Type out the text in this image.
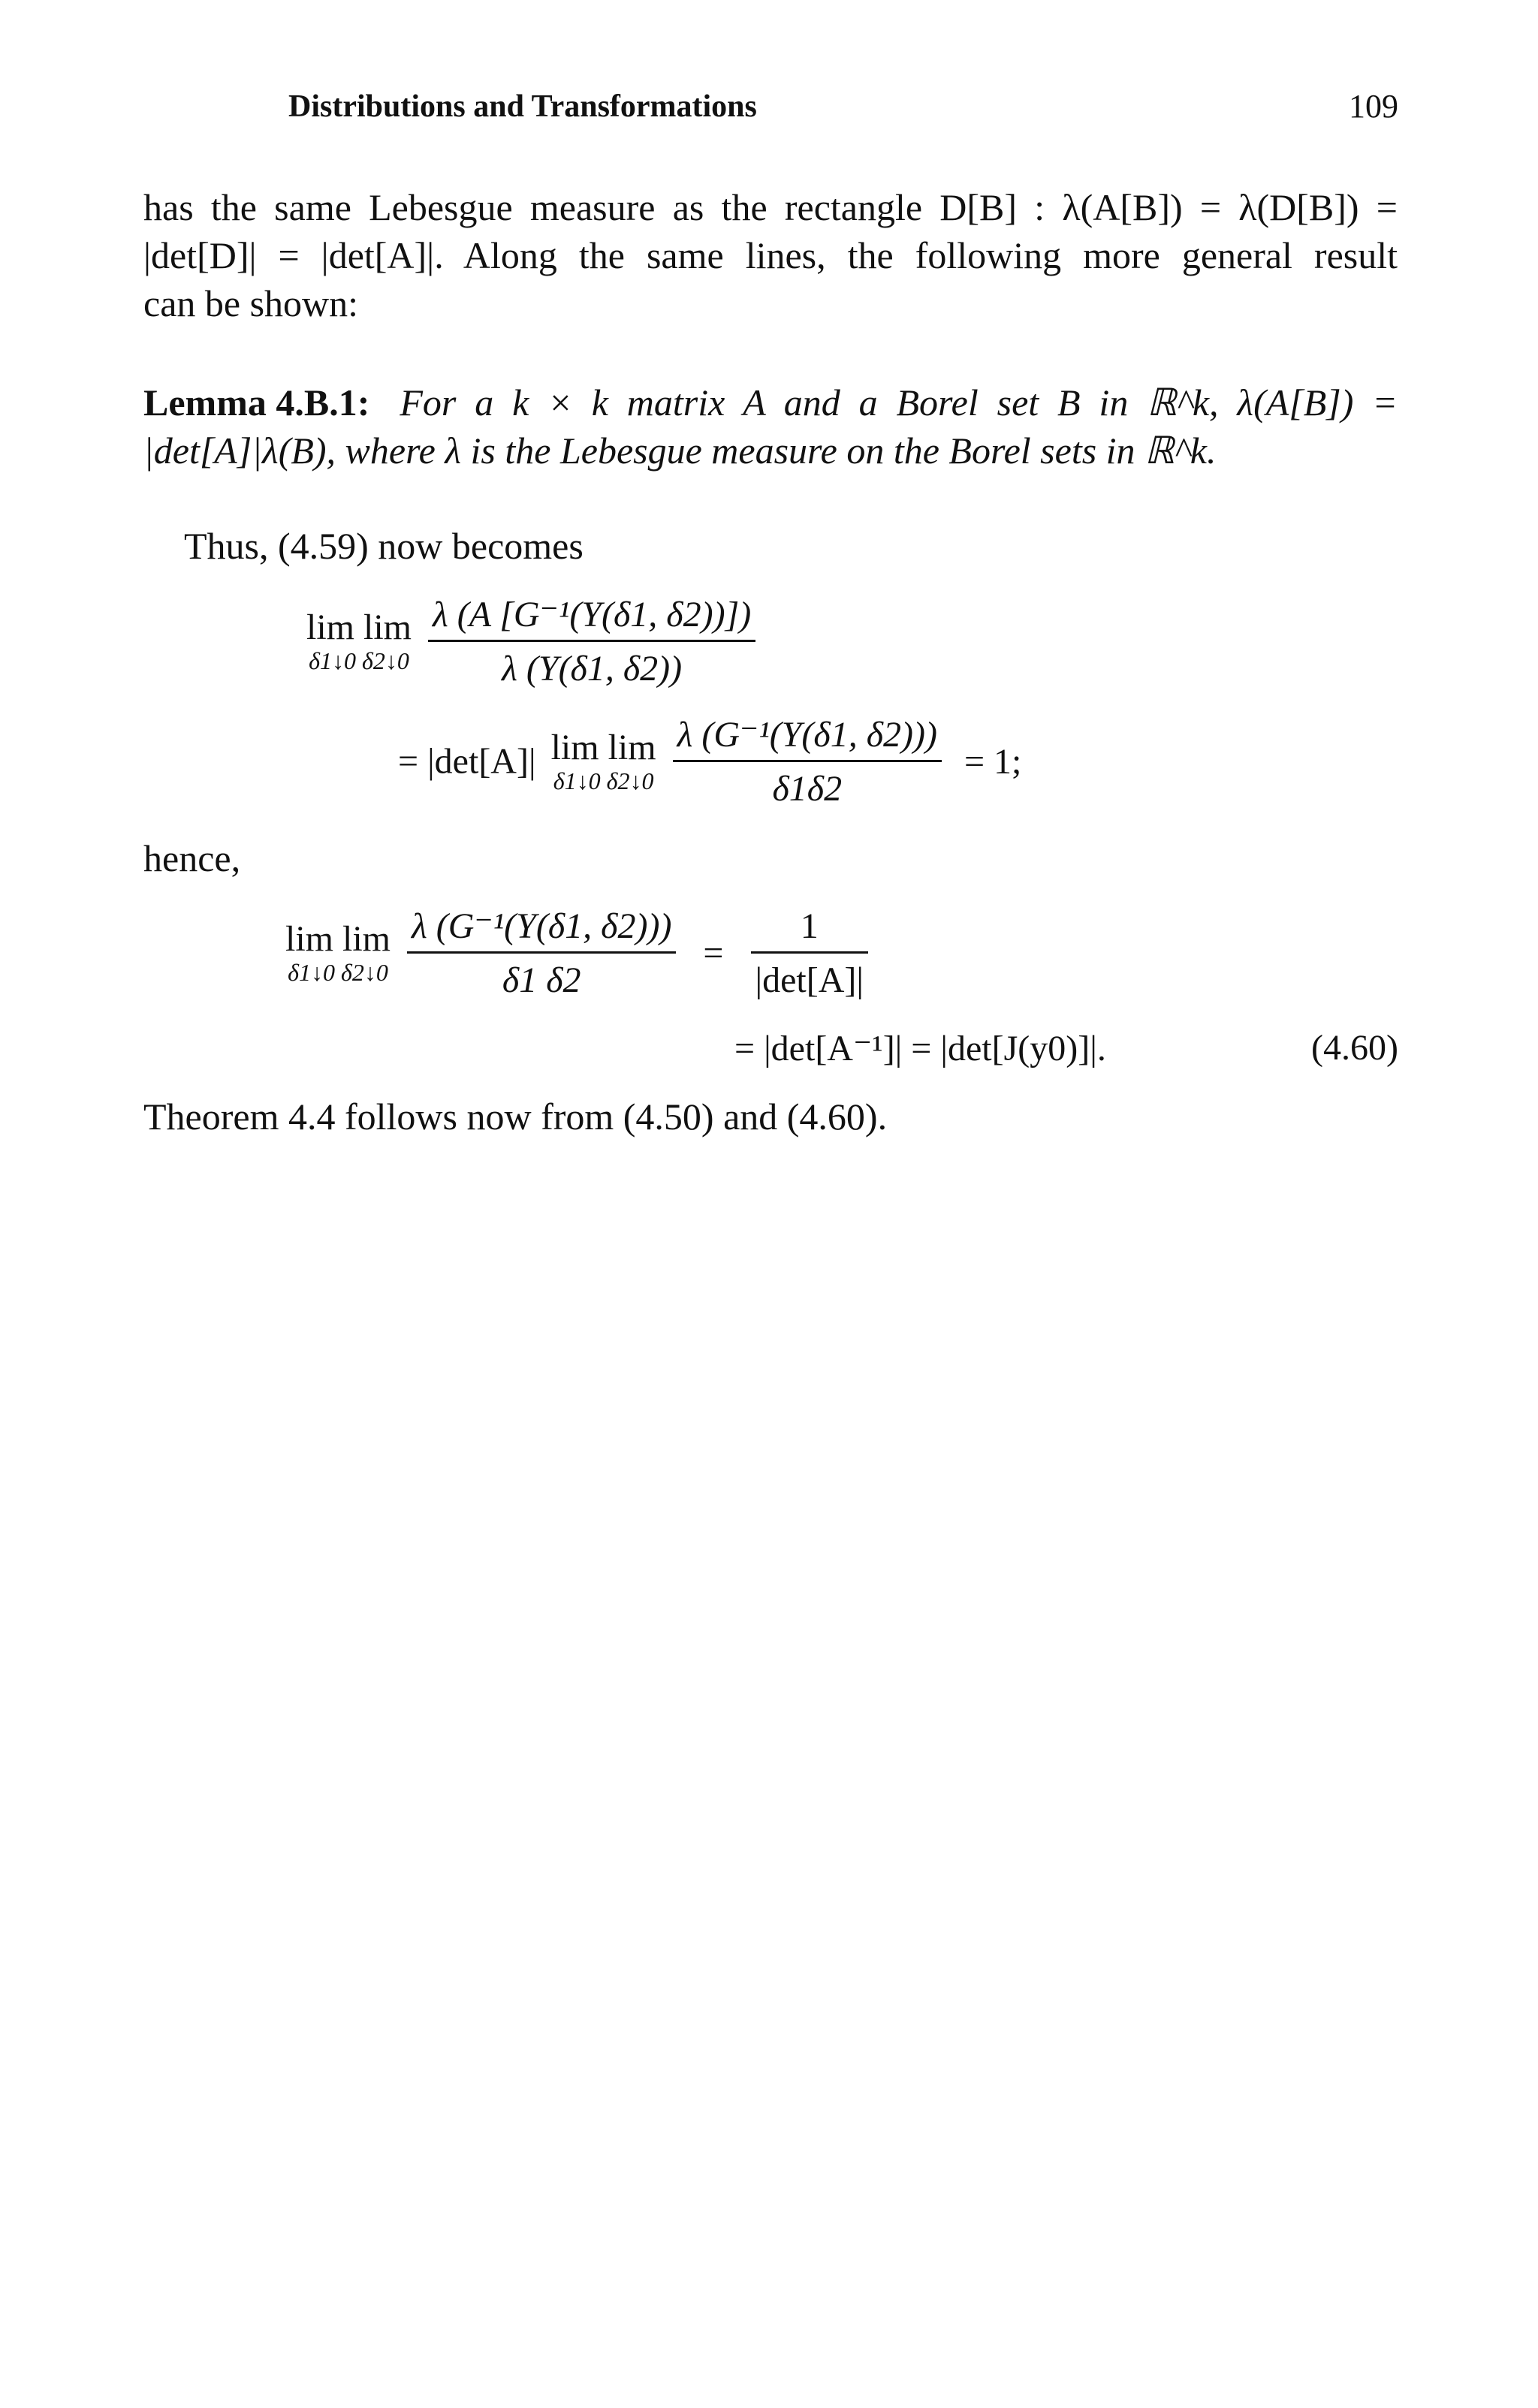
Distributions and Transformations	109
has the same Lebesgue measure as the rectangle D[B] : λ(A[B]) = λ(D[B]) =
|det[D]| = |det[A]|. Along the same lines, the following more general result
can be shown:
Lemma 4.B.1: For a k × k matrix A and a Borel set B in ℝ^k, λ(A[B]) =
|det[A]|λ(B), where λ is the Lebesgue measure on the Borel sets in ℝ^k.
Thus, (4.59) now becomes
lim lim
δ1↓0 δ2↓0
$\frac{\text{λ (A [G⁻¹(Y(δ1, δ2))])}}{\lambda (Y(\delta 1, \delta 2))}$
= |det[A]| lim lim
δ1↓0 δ2↓0
$\frac{\text{λ (G⁻¹(Y(δ1, δ2)))}}{\delta 1\delta 2} = 1$;
hence,
lim lim
δ1↓0 δ2↓0
$\frac{\text{λ (G⁻¹(Y(δ1, δ2)))}}{\delta 1 \delta 2} = \frac{1}{|\det[A]|}$
= |det[A⁻¹]| = |det[J(y0)]|.	(4.60)
Theorem 4.4 follows now from (4.50) and (4.60).
